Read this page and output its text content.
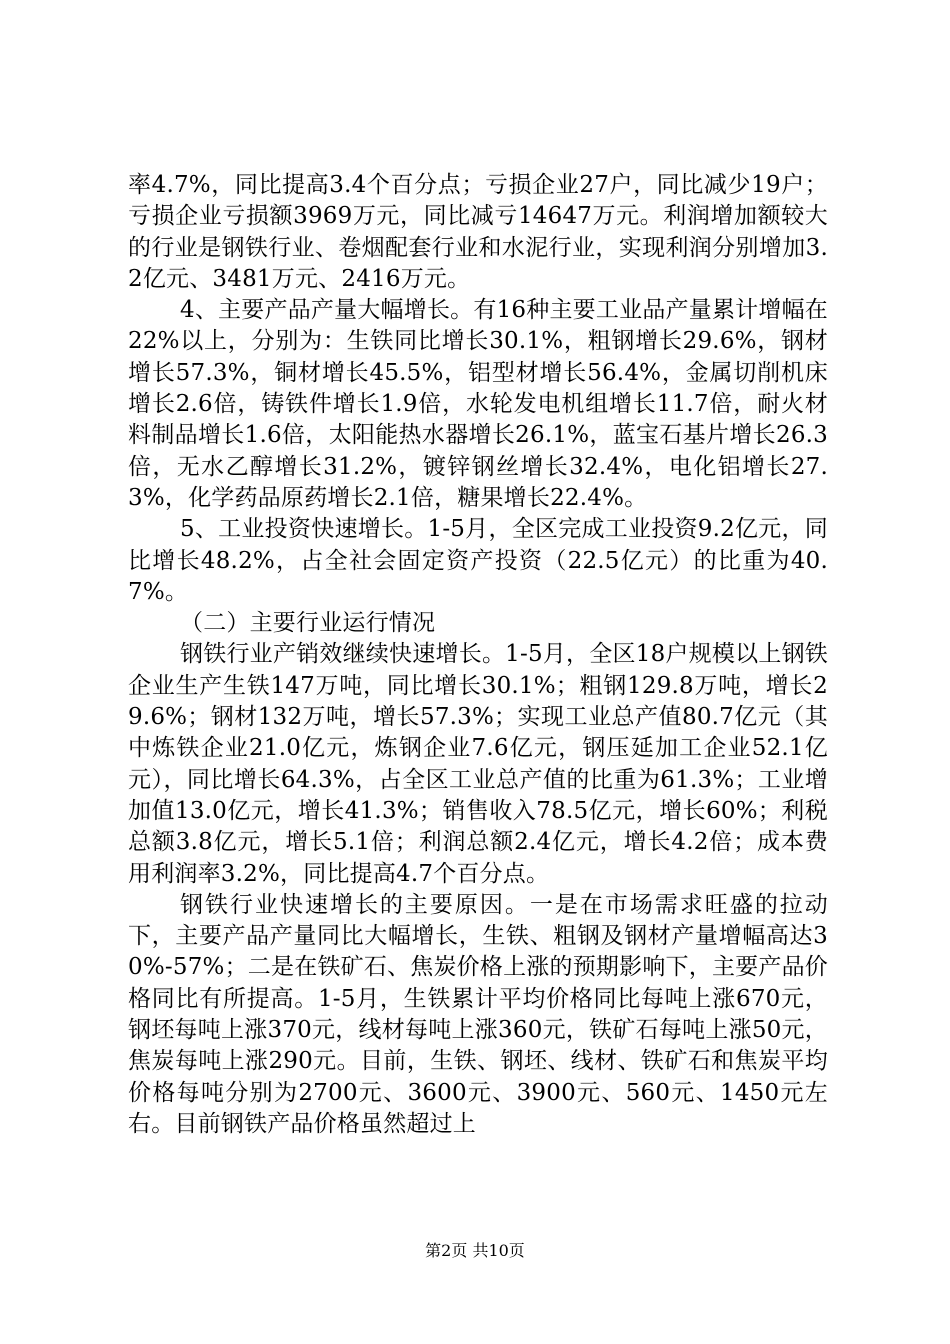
率4.7%，同比提高3.4个百分点；亏损企业27户，同比减少19户；亏损企业亏损额3969万元，同比减亏14647万元。利润增加额较大的行业是钢铁行业、卷烟配套行业和水泥行业，实现利润分别增加3.2亿元、3481万元、2416万元。

4、主要产品产量大幅增长。有16种主要工业品产量累计增幅在22%以上，分别为：生铁同比增长30.1%，粗钢增长29.6%，钢材增长57.3%，铜材增长45.5%，铝型材增长56.4%，金属切削机床增长2.6倍，铸铁件增长1.9倍，水轮发电机组增长11.7倍，耐火材料制品增长1.6倍，太阳能热水器增长26.1%，蓝宝石基片增长26.3倍，无水乙醇增长31.2%，镀锌钢丝增长32.4%，电化铝增长27.3%，化学药品原药增长2.1倍，糖果增长22.4%。

5、工业投资快速增长。1-5月，全区完成工业投资9.2亿元，同比增长48.2%，占全社会固定资产投资（22.5亿元）的比重为40.7%。

（二）主要行业运行情况

钢铁行业产销效继续快速增长。1-5月，全区18户规模以上钢铁企业生产生铁147万吨，同比增长30.1%；粗钢129.8万吨，增长29.6%；钢材132万吨，增长57.3%；实现工业总产值80.7亿元（其中炼铁企业21.0亿元，炼钢企业7.6亿元，钢压延加工企业52.1亿元），同比增长64.3%，占全区工业总产值的比重为61.3%；工业增加值13.0亿元，增长41.3%；销售收入78.5亿元，增长60%；利税总额3.8亿元，增长5.1倍；利润总额2.4亿元，增长4.2倍；成本费用利润率3.2%，同比提高4.7个百分点。

钢铁行业快速增长的主要原因。一是在市场需求旺盛的拉动下，主要产品产量同比大幅增长，生铁、粗钢及钢材产量增幅高达30%-57%；二是在铁矿石、焦炭价格上涨的预期影响下，主要产品价格同比有所提高。1-5月，生铁累计平均价格同比每吨上涨670元，钢坯每吨上涨370元，线材每吨上涨360元，铁矿石每吨上涨50元，焦炭每吨上涨290元。目前，生铁、钢坯、线材、铁矿石和焦炭平均价格每吨分别为2700元、3600元、3900元、560元、1450元左右。目前钢铁产品价格虽然超过上

第2页 共10页
